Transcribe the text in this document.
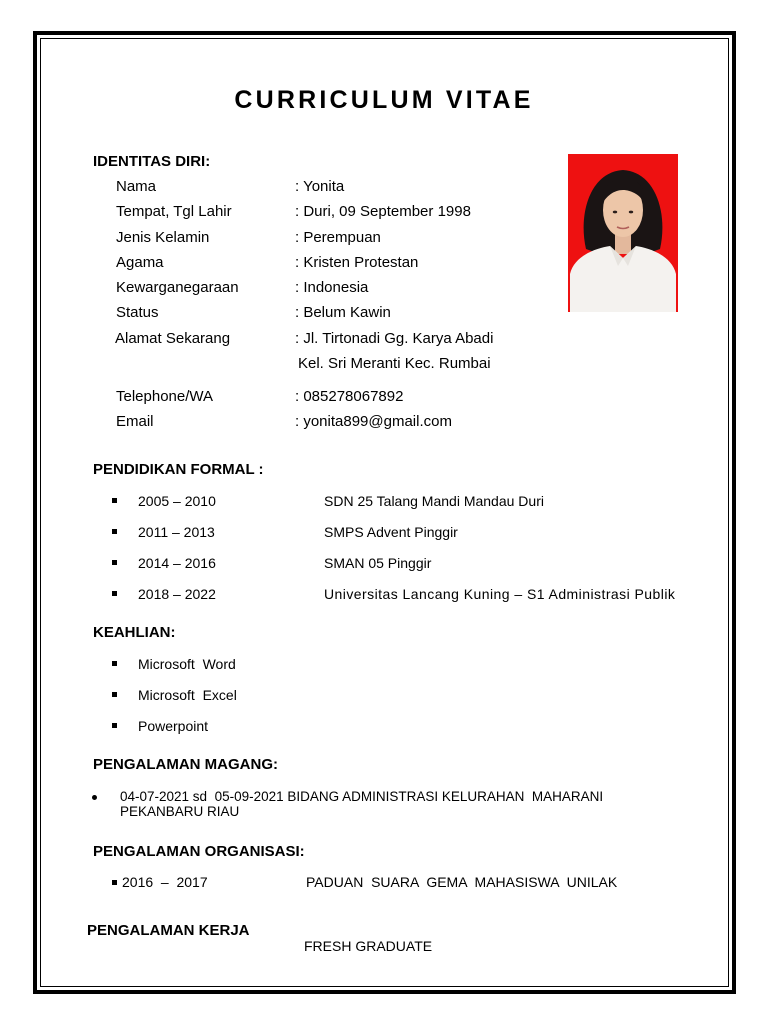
CURRICULUM VITAE
IDENTITAS DIRI:
Nama	: Yonita
Tempat, Tgl Lahir	: Duri, 09 September 1998
Jenis Kelamin	: Perempuan
Agama	: Kristen Protestan
Kewarganegaraan	: Indonesia
Status	: Belum Kawin
Alamat Sekarang	: Jl. Tirtonadi Gg. Karya Abadi
Kel. Sri Meranti Kec. Rumbai
Telephone/WA	: 085278067892
Email	: yonita899@gmail.com
PENDIDIKAN FORMAL :
2005 – 2010	SDN 25 Talang Mandi Mandau Duri
2011 – 2013	SMPS Advent Pinggir
2014 – 2016	SMAN 05 Pinggir
2018 – 2022	Universitas Lancang Kuning – S1 Administrasi Publik
KEAHLIAN:
Microsoft  Word
Microsoft  Excel
Powerpoint
PENGALAMAN MAGANG:
04-07-2021 sd  05-09-2021 BIDANG ADMINISTRASI KELURAHAN  MAHARANI
PEKANBARU RIAU
PENGALAMAN ORGANISASI:
2016  –  2017	PADUAN  SUARA  GEMA  MAHASISWA  UNILAK
PENGALAMAN KERJA
FRESH GRADUATE
